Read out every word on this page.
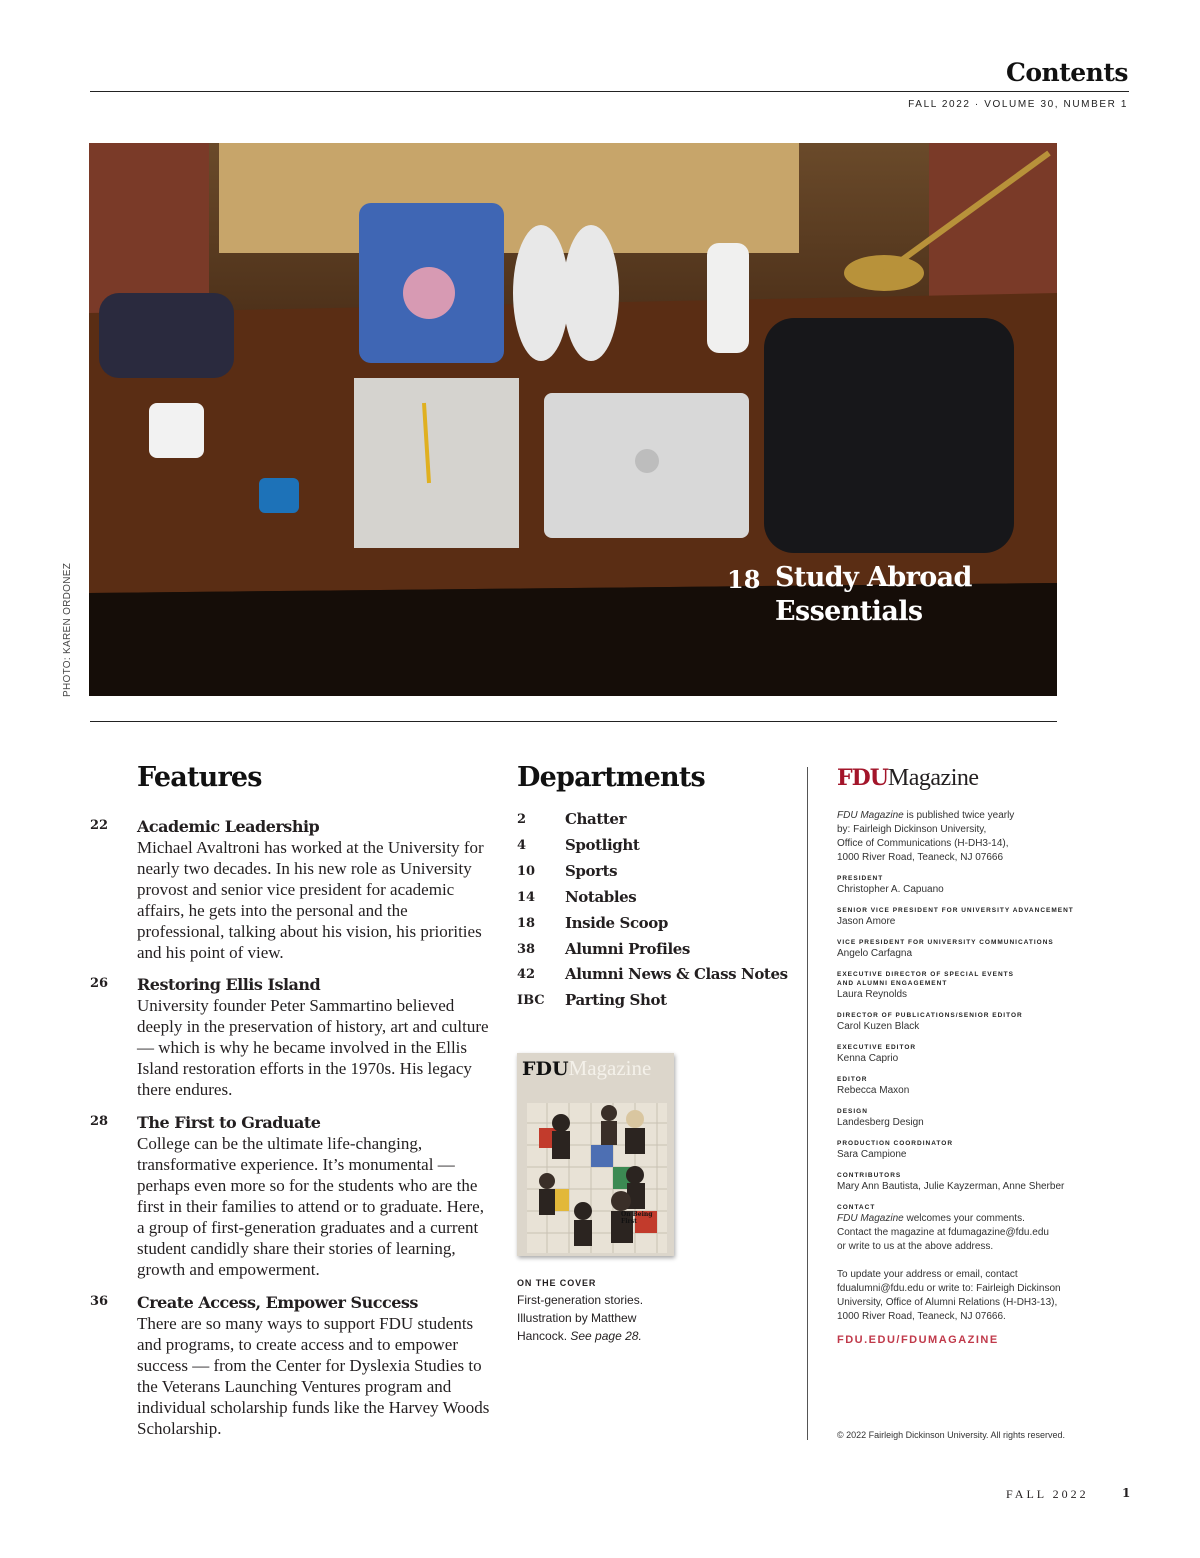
Contents
FALL 2022 · VOLUME 30, NUMBER 1
18 Study Abroad
Essentials
PHOTO: KAREN ORDONEZ
Features
22	Academic Leadership
Michael Avaltroni has worked at the University for nearly two decades. In his new role as University provost and senior vice president for academic affairs, he gets into the personal and the professional, talking about his vision, his priorities and his point of view.
26	Restoring Ellis Island
University founder Peter Sammartino believed deeply in the preservation of history, art and culture — which is why he became involved in the Ellis Island restoration efforts in the 1970s. His legacy there endures.
28	The First to Graduate
College can be the ultimate life-changing, transformative experience. It’s monumental — perhaps even more so for the students who are the first in their families to attend or to graduate. Here, a group of first-generation graduates and a current student candidly share their stories of learning, growth and empowerment.
36	Create Access, Empower Success
There are so many ways to support FDU students and programs, to create access and to empower success — from the Center for Dyslexia Studies to the Veterans Launching Ventures program and individual scholarship funds like the Harvey Woods Scholarship.
Departments
2	Chatter
4	Spotlight
10	Sports
14	Notables
18	Inside Scoop
38	Alumni Profiles
42	Alumni News & Class Notes
IBC	Parting Shot
FDUMagazine
On Being First
ON THE COVER
First-generation stories. Illustration by Matthew Hancock. See page 28.
FDUMagazine
FDU Magazine is published twice yearly
by: Fairleigh Dickinson University,
Office of Communications (H-DH3-14),
1000 River Road, Teaneck, NJ 07666
PRESIDENT
Christopher A. Capuano
SENIOR VICE PRESIDENT FOR UNIVERSITY ADVANCEMENT
Jason Amore
VICE PRESIDENT FOR UNIVERSITY COMMUNICATIONS
Angelo Carfagna
EXECUTIVE DIRECTOR OF SPECIAL EVENTS AND ALUMNI ENGAGEMENT
Laura Reynolds
DIRECTOR OF PUBLICATIONS/SENIOR EDITOR
Carol Kuzen Black
EXECUTIVE EDITOR
Kenna Caprio
EDITOR
Rebecca Maxon
DESIGN
Landesberg Design
PRODUCTION COORDINATOR
Sara Campione
CONTRIBUTORS
Mary Ann Bautista, Julie Kayzerman, Anne Sherber
CONTACT

FDU Magazine welcomes your comments.

Contact the magazine at fdumagazine@fdu.edu

or write to us at the above address.

To update your address or email, contact

fdualumni@fdu.edu or write to: Fairleigh Dickinson

University, Office of Alumni Relations (H-DH3-13),

1000 River Road, Teaneck, NJ 07666.

FDU.EDU/FDUMAGAZINE
© 2022 Fairleigh Dickinson University. All rights reserved.
FALL 2022	1
